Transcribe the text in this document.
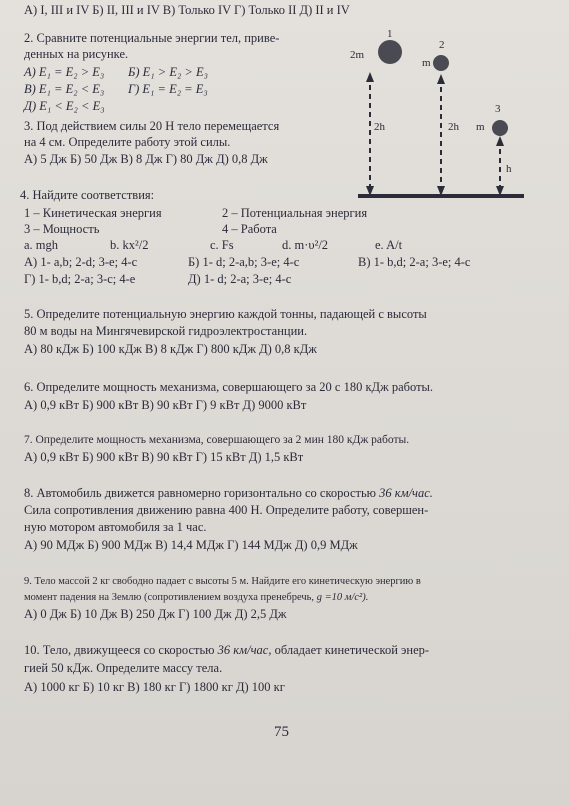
А) I, III и IV Б) II, III и IV В) Только IV Г) Только II Д) II и IV
2. Сравните потенциальные энергии тел, приве-
денных на рисунке.
А) E₁ = E₂ > E₃ Б) E₁ > E₂ > E₃
В) E₁ = E₂ < E₃ Г) E₁ = E₂ = E₃
Д) E₁ < E₂ < E₃
3. Под действием силы 20 Н тело перемещается
на 4 см. Определите работу этой силы.
А) 5 Дж Б) 50 Дж В) 8 Дж Г) 80 Дж Д) 0,8 Дж
1
2m
2
m
3
m
2h	2h
h
4. Найдите соответствия:
1 – Кинетическая энергия	2 – Потенциальная энергия
3 – Мощность	4 – Работа
a. mgh	b. kx²/2	c. Fs	d. m·υ²/2	e. A/t
А) 1- a,b; 2-d; 3-e; 4-c	Б) 1- d; 2-a,b; 3-e; 4-c	В) 1- b,d; 2-a; 3-e; 4-c
Г) 1- b,d; 2-a; 3-c; 4-e	Д) 1- d; 2-a; 3-e; 4-c
5. Определите потенциальную энергию каждой тонны, падающей с высоты
80 м воды на Мингячевирской гидроэлектростанции.
А) 80 кДж Б) 100 кДж В) 8 кДж Г) 800 кДж Д) 0,8 кДж
6. Определите мощность механизма, совершающего за 20 с 180 кДж работы.
А) 0,9 кВт Б) 900 кВт В) 90 кВт Г) 9 кВт Д) 9000 кВт
7. Определите мощность механизма, совершающего за 2 мин 180 кДж работы.
А) 0,9 кВт Б) 900 кВт В) 90 кВт Г) 15 кВт Д) 1,5 кВт
8. Автомобиль движется равномерно горизонтально со скоростью 36 км/час.
Сила сопротивления движению равна 400 Н. Определите работу, совершен-
ную мотором автомобиля за 1 час.
А) 90 МДж Б) 900 МДж В) 14,4 МДж Г) 144 МДж Д) 0,9 МДж
9. Тело массой 2 кг свободно падает с высоты 5 м. Найдите его кинетическую энергию в
момент падения на Землю (сопротивлением воздуха пренебречь, g =10 м/с²).
А) 0 Дж Б) 10 Дж В) 250 Дж Г) 100 Дж Д) 2,5 Дж
10. Тело, движущееся со скоростью 36 км/час, обладает кинетической энер-
гией 50 кДж. Определите массу тела.
А) 1000 кг Б) 10 кг В) 180 кг Г) 1800 кг Д) 100 кг
75
